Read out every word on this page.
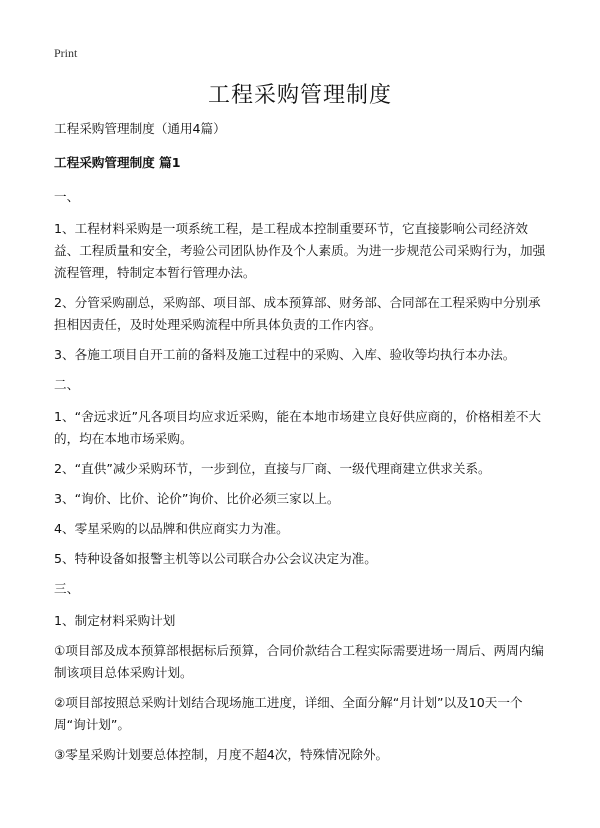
Print
工程采购管理制度
工程采购管理制度（通用4篇）
工程采购管理制度 篇1
一、
1、工程材料采购是一项系统工程，是工程成本控制重要环节，它直接影响公司经济效益、工程质量和安全，考验公司团队协作及个人素质。为进一步规范公司采购行为，加强流程管理，特制定本暂行管理办法。
2、分管采购副总，采购部、项目部、成本预算部、财务部、合同部在工程采购中分别承担相因责任，及时处理采购流程中所具体负责的工作内容。
3、各施工项目自开工前的备料及施工过程中的采购、入库、验收等均执行本办法。
二、
1、“舍远求近”凡各项目均应求近采购，能在本地市场建立良好供应商的，价格相差不大的，均在本地市场采购。
2、“直供”减少采购环节，一步到位，直接与厂商、一级代理商建立供求关系。
3、“询价、比价、论价”询价、比价必须三家以上。
4、零星采购的以品牌和供应商实力为准。
5、特种设备如报警主机等以公司联合办公会议决定为准。
三、
1、制定材料采购计划
①项目部及成本预算部根据标后预算，合同价款结合工程实际需要进场一周后、两周内编制该项目总体采购计划。
②项目部按照总采购计划结合现场施工进度，详细、全面分解“月计划”以及10天一个周“询计划”。
③零星采购计划要总体控制，月度不超4次，特殊情况除外。
